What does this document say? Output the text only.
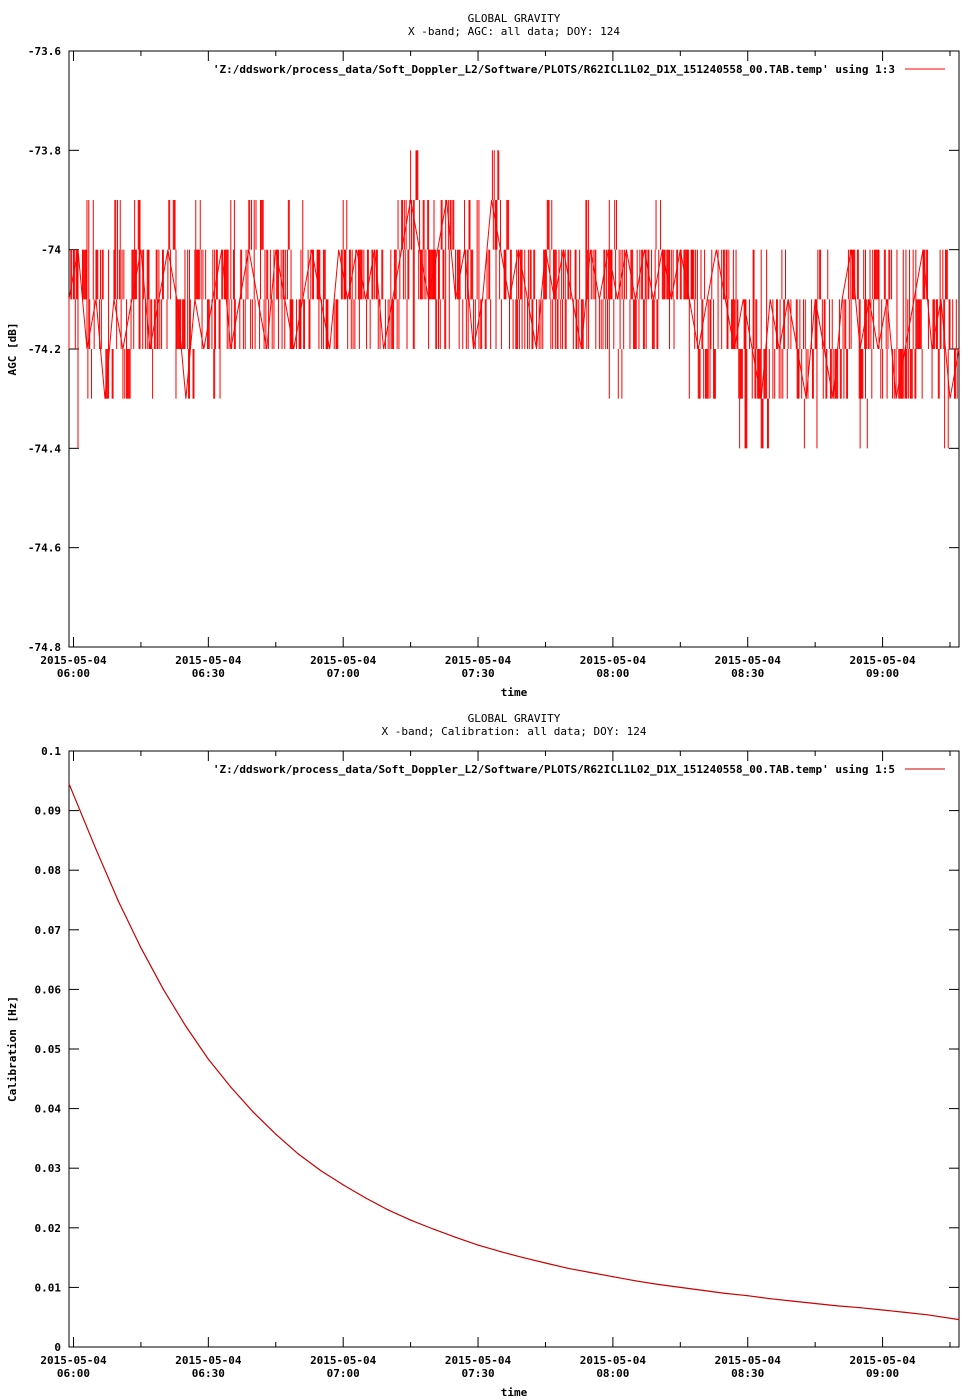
GLOBAL GRAVITY
X -band; AGC: all data; DOY: 124
-73.6
-73.8
-74
-74.2
-74.4
-74.6
-74.8
2015-05-04
06:00
2015-05-04
06:30
2015-05-04
07:00
2015-05-04
07:30
2015-05-04
08:00
2015-05-04
08:30
2015-05-04
09:00
time
AGC [dB]
'Z:/ddswork/process_data/Soft_Doppler_L2/Software/PLOTS/R62ICL1L02_D1X_151240558_00.TAB.temp' using 1:3
GLOBAL GRAVITY
X -band; Calibration: all data; DOY: 124
0.1
0.09
0.08
0.07
0.06
0.05
0.04
0.03
0.02
0.01
0
2015-05-04
06:00
2015-05-04
06:30
2015-05-04
07:00
2015-05-04
07:30
2015-05-04
08:00
2015-05-04
08:30
2015-05-04
09:00
time
Calibration [Hz]
'Z:/ddswork/process_data/Soft_Doppler_L2/Software/PLOTS/R62ICL1L02_D1X_151240558_00.TAB.temp' using 1:5
